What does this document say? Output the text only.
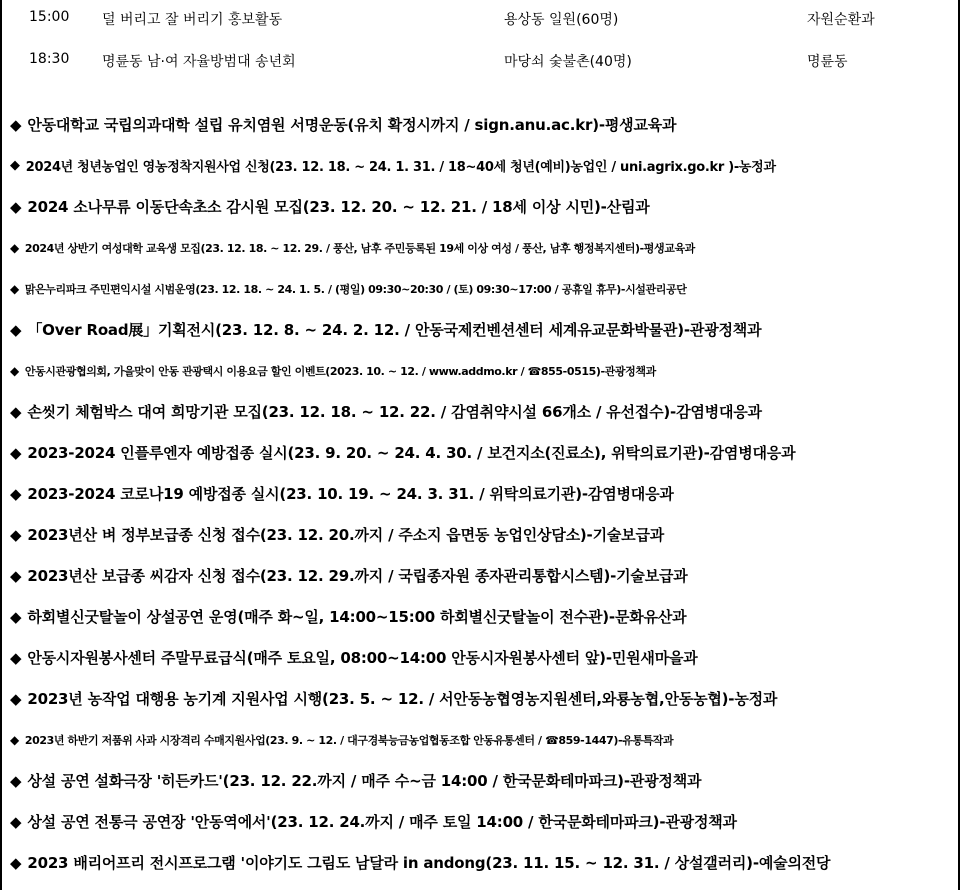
15:00 덜 버리고 잘 버리기 홍보활동	용상동 일원(60명)	자원순환과
18:30 명륜동 남·여 자율방범대 송년회	마당쇠 숯불촌(40명)	명륜동
◆ 안동대학교 국립의과대학 설립 유치염원 서명운동(유치 확정시까지 / sign.anu.ac.kr)-평생교육과
◆ 2024년 청년농업인 영농정착지원사업 신청(23. 12. 18. ~ 24. 1. 31. / 18~40세 청년(예비)농업인 / uni.agrix.go.kr )-농정과
◆ 2024 소나무류 이동단속초소 감시원 모집(23. 12. 20. ~ 12. 21. / 18세 이상 시민)-산림과
◆ 2024년 상반기 여성대학 교육생 모집(23. 12. 18. ~ 12. 29. / 풍산, 남후 주민등록된 19세 이상 여성 / 풍산, 남후 행정복지센터)-평생교육과
◆ 맑은누리파크 주민편익시설 시범운영(23. 12. 18. ~ 24. 1. 5. / (평일) 09:30~20:30 / (토) 09:30~17:00 / 공휴일 휴무)-시설관리공단
◆ 「Over Road展」기획전시(23. 12. 8. ~ 24. 2. 12. / 안동국제컨벤션센터 세계유교문화박물관)-관광정책과
◆ 안동시관광협의회, 가을맞이 안동 관광택시 이용요금 할인 이벤트(2023. 10. ~ 12. / www.addmo.kr / ☎855-0515)-관광정책과
◆ 손씻기 체험박스 대여 희망기관 모집(23. 12. 18. ~ 12. 22. / 감염취약시설 66개소 / 유선접수)-감염병대응과
◆ 2023-2024 인플루엔자 예방접종 실시(23. 9. 20. ~ 24. 4. 30. / 보건지소(진료소), 위탁의료기관)-감염병대응과
◆ 2023-2024 코로나19 예방접종 실시(23. 10. 19. ~ 24. 3. 31. / 위탁의료기관)-감염병대응과
◆ 2023년산 벼 정부보급종 신청 접수(23. 12. 20.까지 / 주소지 읍면동 농업인상담소)-기술보급과
◆ 2023년산 보급종 씨감자 신청 접수(23. 12. 29.까지 / 국립종자원 종자관리통합시스템)-기술보급과
◆ 하회별신굿탈놀이 상설공연 운영(매주 화~일, 14:00~15:00 하회별신굿탈놀이 전수관)-문화유산과
◆ 안동시자원봉사센터 주말무료급식(매주 토요일, 08:00~14:00 안동시자원봉사센터 앞)-민원새마을과
◆ 2023년 농작업 대행용 농기계 지원사업 시행(23. 5. ~ 12. / 서안동농협영농지원센터,와룡농협,안동농협)-농정과
◆ 2023년 하반기 저품위 사과 시장격리 수매지원사업(23. 9. ~ 12. / 대구경북능금농업협동조합 안동유통센터 / ☎859-1447)-유통특작과
◆ 상설 공연 설화극장 '히든카드'(23. 12. 22.까지 / 매주 수~금 14:00 / 한국문화테마파크)-관광정책과
◆ 상설 공연 전통극 공연장 '안동역에서'(23. 12. 24.까지 / 매주 토일 14:00 / 한국문화테마파크)-관광정책과
◆ 2023 배리어프리 전시프로그램 '이야기도 그림도 남달라 in andong(23. 11. 15. ~ 12. 31. / 상설갤러리)-예술의전당
